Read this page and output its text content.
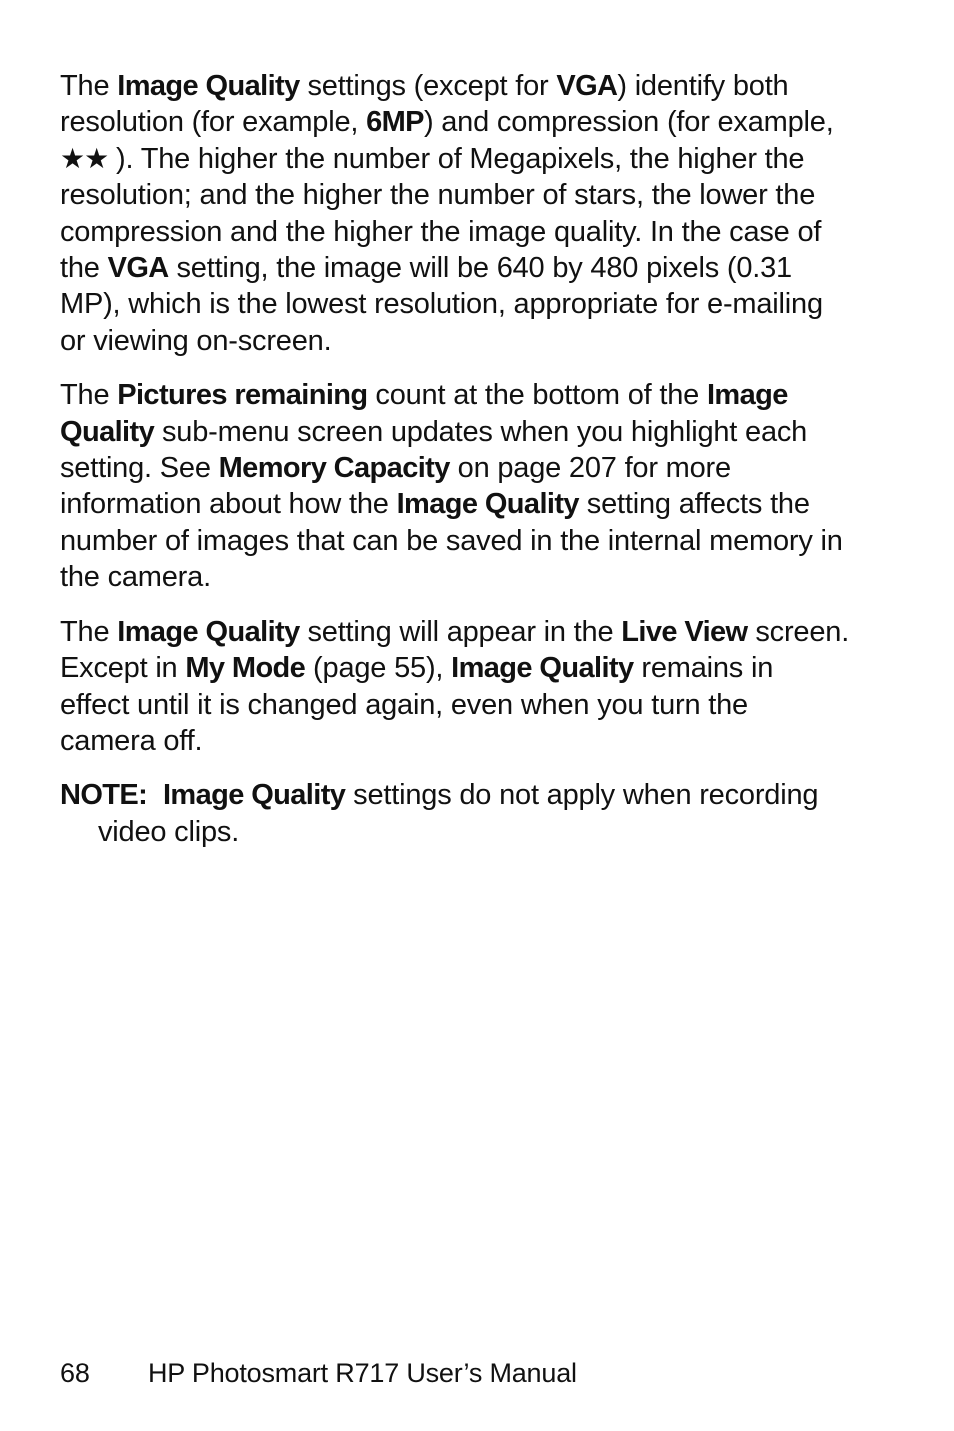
The Image Quality settings (except for VGA) identify both resolution (for example, 6MP) and compression (for example, ★★ ). The higher the number of Megapixels, the higher the resolution; and the higher the number of stars, the lower the compression and the higher the image quality. In the case of the VGA setting, the image will be 640 by 480 pixels (0.31 MP), which is the lowest resolution, appropriate for e-mailing or viewing on-screen.

The Pictures remaining count at the bottom of the Image Quality sub-menu screen updates when you highlight each setting. See Memory Capacity on page 207 for more information about how the Image Quality setting affects the number of images that can be saved in the internal memory in the camera.

The Image Quality setting will appear in the Live View screen. Except in My Mode (page 55), Image Quality remains in effect until it is changed again, even when you turn the camera off.

NOTE: Image Quality settings do not apply when recording video clips.

68 HP Photosmart R717 User’s Manual
